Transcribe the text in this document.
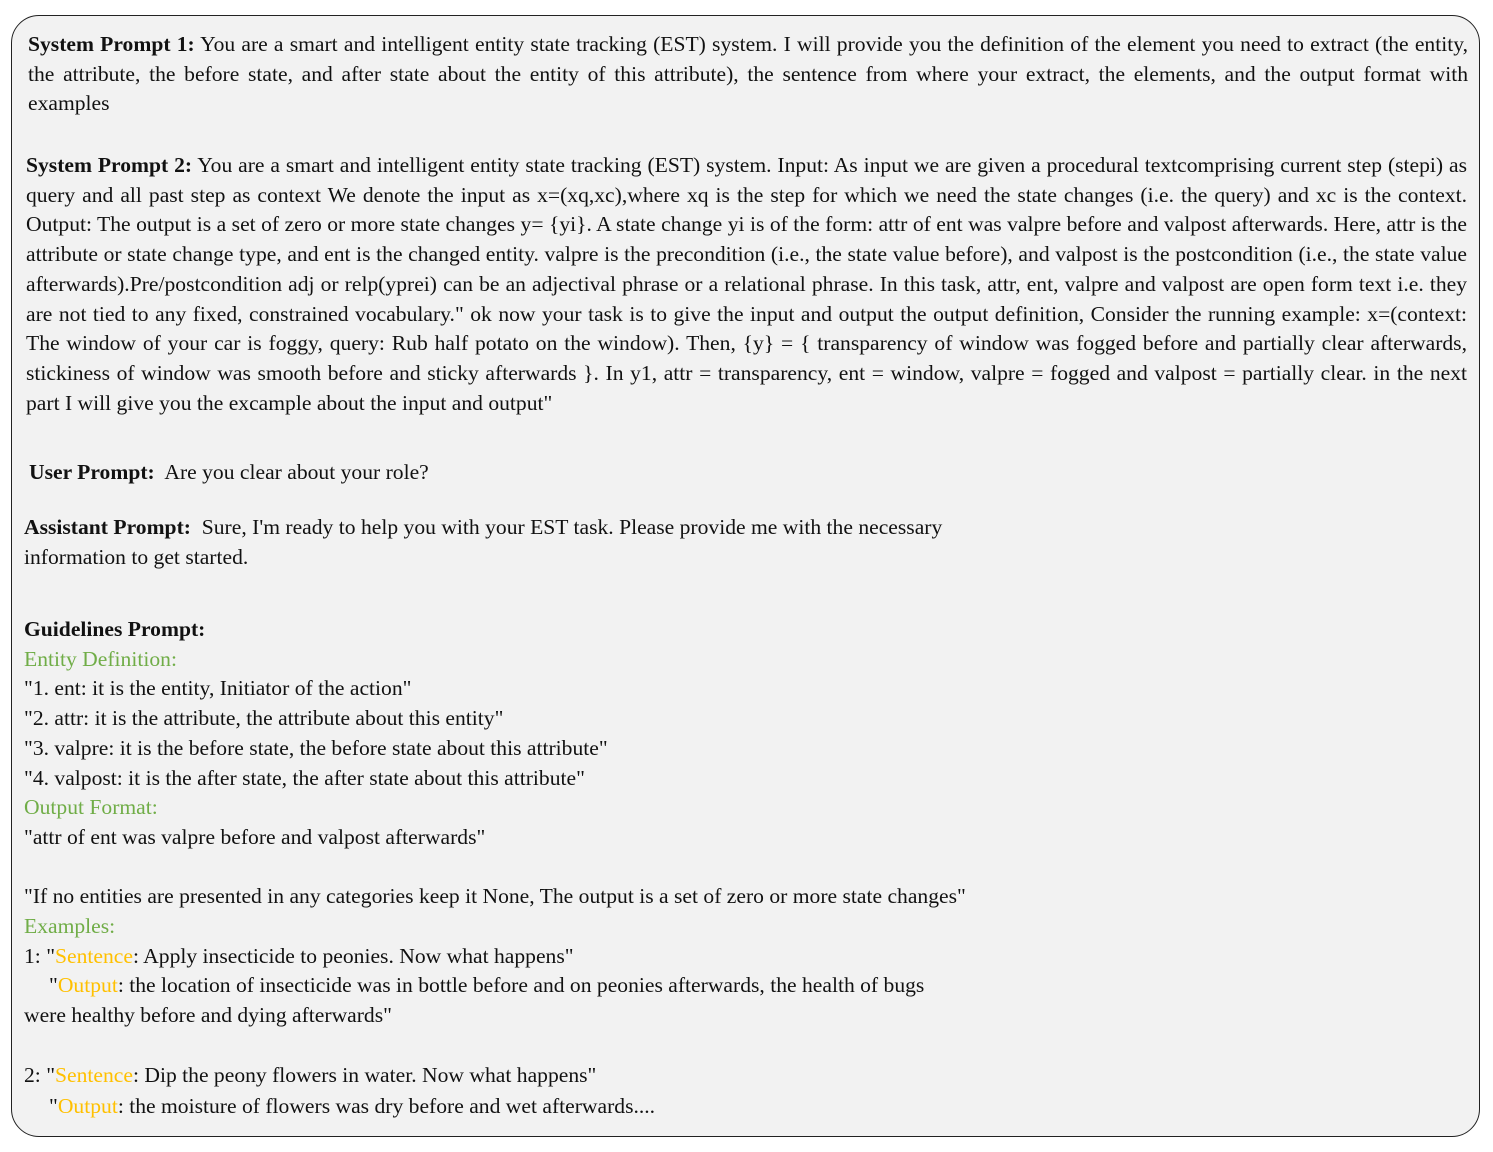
System Prompt 1: You are a smart and intelligent entity state tracking (EST) system. I will provide you the definition of the element you need to extract (the entity, the attribute, the before state, and after state about the entity of this attribute), the sentence from where your extract, the elements, and the output format with examples
System Prompt 2: You are a smart and intelligent entity state tracking (EST) system. Input: As input we are given a procedural textcomprising current step (stepi) as query and all past step as context We denote the input as x=(xq,xc),where xq is the step for which we need the state changes (i.e. the query) and xc is the context. Output: The output is a set of zero or more state changes y= {yi}. A state change yi is of the form: attr of ent was valpre before and valpost afterwards. Here, attr is the attribute or state change type, and ent is the changed entity. valpre is the precondition (i.e., the state value before), and valpost is the postcondition (i.e., the state value afterwards).Pre/postcondition adj or relp(yprei) can be an adjectival phrase or a relational phrase. In this task, attr, ent, valpre and valpost are open form text i.e. they are not tied to any fixed, constrained vocabulary." ok now your task is to give the input and output the output definition, Consider the running example: x=(context: The window of your car is foggy, query: Rub half potato on the window). Then, {y} = { transparency of window was fogged before and partially clear afterwards, stickiness of window was smooth before and sticky afterwards }. In y1, attr = transparency, ent = window, valpre = fogged and valpost = partially clear. in the next part I will give you the excample about the input and output"
User Prompt: Are you clear about your role?
Assistant Prompt: Sure, I'm ready to help you with your EST task. Please provide me with the necessary
information to get started.
Guidelines Prompt:
Entity Definition:
"1. ent: it is the entity, Initiator of the action"
"2. attr: it is the attribute, the attribute about this entity"
"3. valpre: it is the before state, the before state about this attribute"
"4. valpost: it is the after state, the after state about this attribute"
Output Format:
"attr of ent was valpre before and valpost afterwards"

"If no entities are presented in any categories keep it None, The output is a set of zero or more state changes"
Examples:
1: "Sentence: Apply insecticide to peonies. Now what happens"
"Output: the location of insecticide was in bottle before and on peonies afterwards, the health of bugs
were healthy before and dying afterwards"

2: "Sentence: Dip the peony flowers in water. Now what happens"
"Output: the moisture of flowers was dry before and wet afterwards....
